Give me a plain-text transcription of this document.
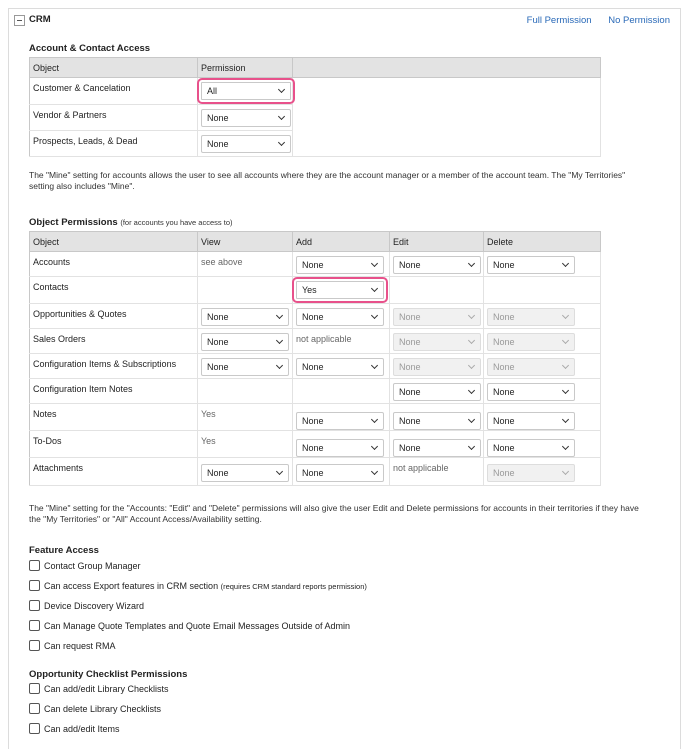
CRM	Full Permission No Permission
Account & Contact Access
Object	Permission	
Customer & Cancelation	All	
Vendor & Partners	None	
Prospects, Leads, & Dead	None	
The "Mine" setting for accounts allows the user to see all accounts where they are the account manager or a member of the account team. The "My Territories" setting also includes "Mine".
Object Permissions (for accounts you have access to)
Object	View	Add	Edit	Delete
Accounts	see above	None	None	None
Contacts		Yes		
Opportunities & Quotes	None	None	None	None
Sales Orders	None	not applicable	None	None
Configuration Items & Subscriptions	None	None	None	None
Configuration Item Notes			None	None
Notes	Yes	None	None	None
To-Dos	Yes	None	None	None
Attachments	None	None	not applicable	None
The "Mine" setting for the "Accounts: "Edit" and "Delete" permissions will also give the user Edit and Delete permissions for accounts in their territories if they have the "My Territories" or "All" Account Access/Availability setting.
Feature Access
Contact Group Manager
Can access Export features in CRM section (requires CRM standard reports permission)
Device Discovery Wizard
Can Manage Quote Templates and Quote Email Messages Outside of Admin
Can request RMA
Opportunity Checklist Permissions
Can add/edit Library Checklists
Can delete Library Checklists
Can add/edit Items
